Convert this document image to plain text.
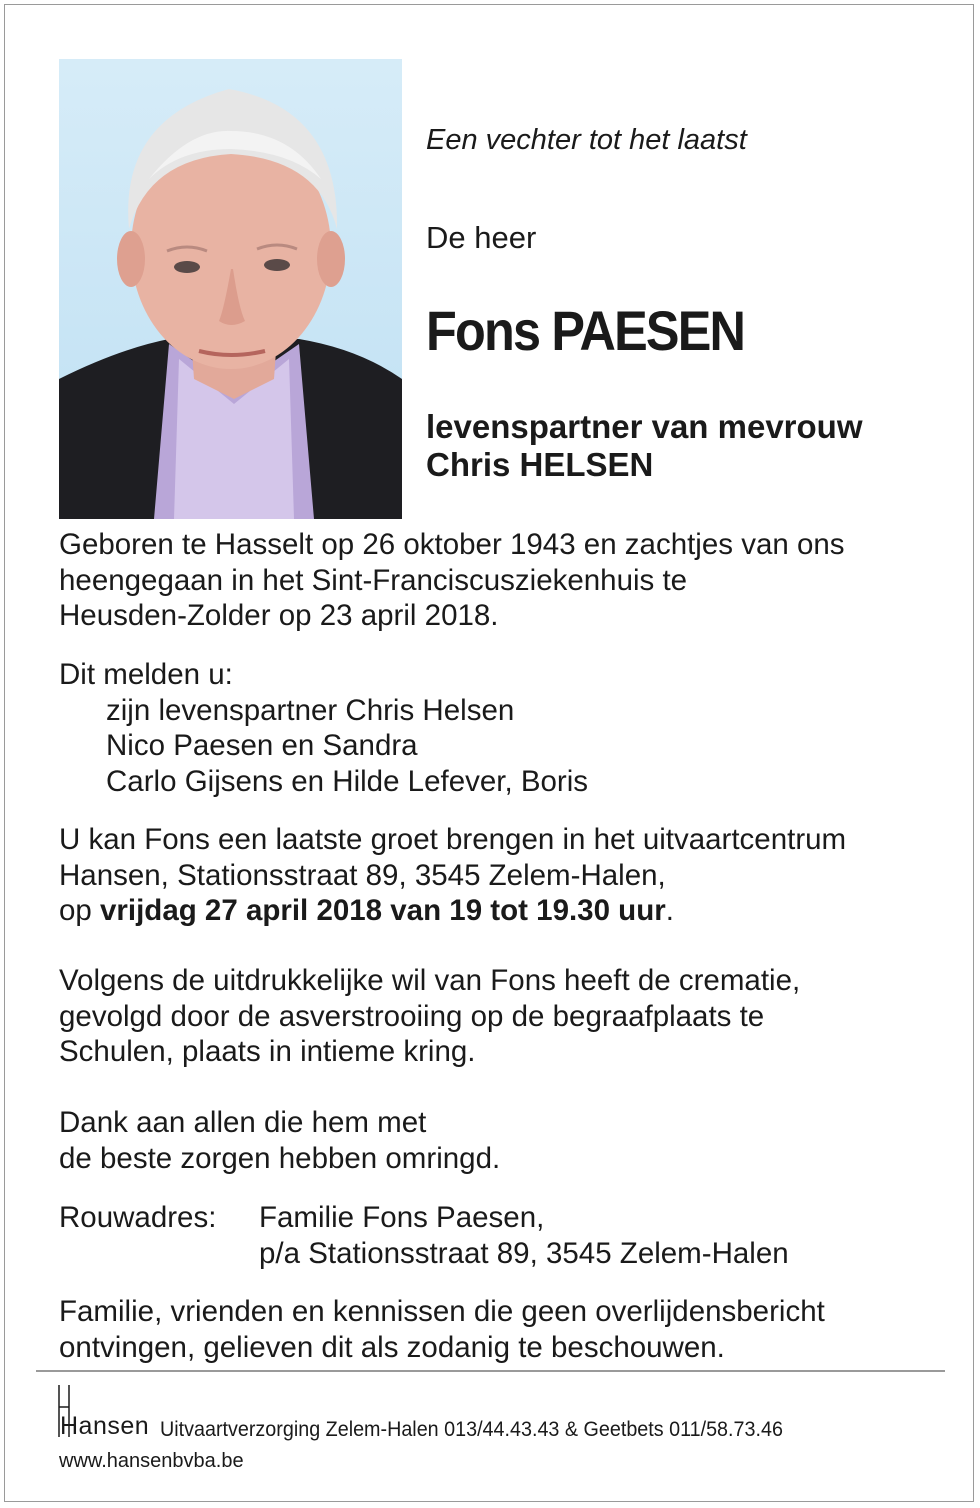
Een vechter tot het laatst
De heer
Fons PAESEN
levenspartner van mevrouw
Chris HELSEN
Geboren te Hasselt op 26 oktober 1943 en zachtjes van ons
heengegaan in het Sint-Franciscusziekenhuis te
Heusden-Zolder op 23 april 2018.
Dit melden u:
zijn levenspartner Chris Helsen
Nico Paesen en Sandra
Carlo Gijsens en Hilde Lefever, Boris
U kan Fons een laatste groet brengen in het uitvaartcentrum
Hansen, Stationsstraat 89, 3545 Zelem-Halen,
op vrijdag 27 april 2018 van 19 tot 19.30 uur.
Volgens de uitdrukkelijke wil van Fons heeft de crematie,
gevolgd door de asverstrooiing op de begraafplaats te
Schulen, plaats in intieme kring.
Dank aan allen die hem met
de beste zorgen hebben omringd.
Rouwadres: Familie Fons Paesen,
p/a Stationsstraat 89, 3545 Zelem-Halen
Familie, vrienden en kennissen die geen overlijdensbericht
ontvingen, gelieven dit als zodanig te beschouwen.
Hansen Uitvaartverzorging Zelem-Halen 013/44.43.43 & Geetbets 011/58.73.46
www.hansenbvba.be
